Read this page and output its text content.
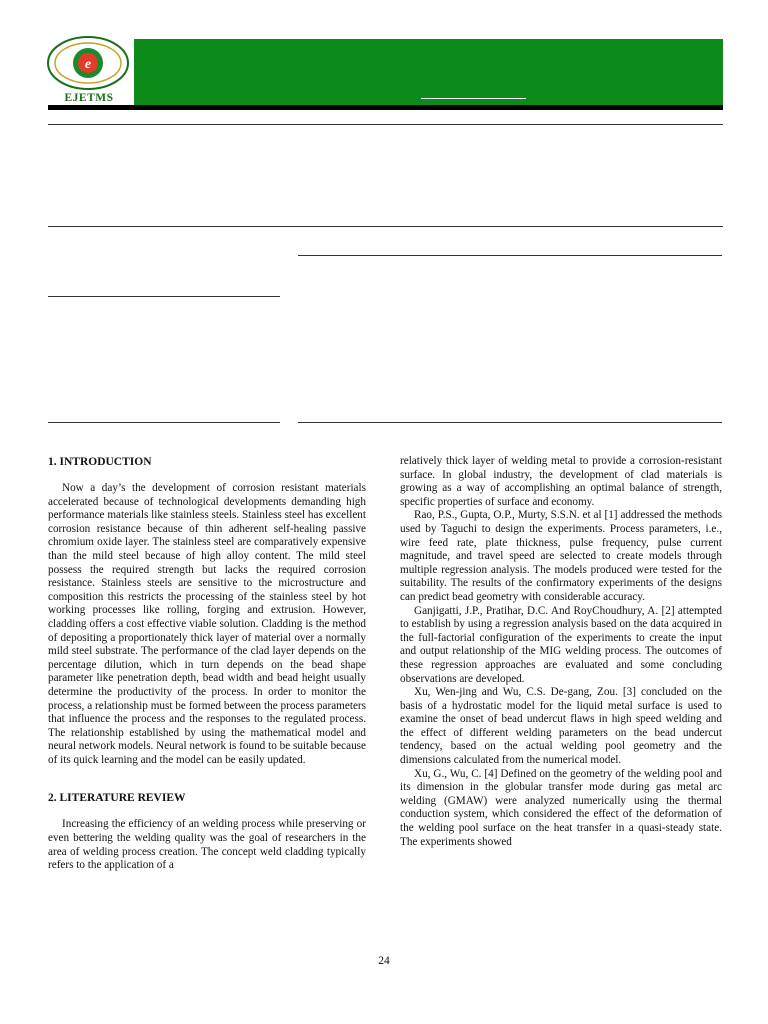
e
EJETMS
1. INTRODUCTION

Now a day’s the development of corrosion resistant materials accelerated because of technological developments demanding high performance materials like stainless steels. Stainless steel has excellent corrosion resistance because of thin adherent self-healing passive chromium oxide layer. The stainless steel are comparatively expensive than the mild steel because of high alloy content. The mild steel possess the required strength but lacks the required corrosion resistance. Stainless steels are sensitive to the microstructure and composition this restricts the processing of the stainless steel by hot working processes like rolling, forging and extrusion. However, cladding offers a cost effective viable solution. Cladding is the method of depositing a proportionately thick layer of material over a normally mild steel substrate. The performance of the clad layer depends on the percentage dilution, which in turn depends on the bead shape parameter like penetration depth, bead width and bead height usually determine the productivity of the process. In order to monitor the process, a relationship must be formed between the process parameters that influence the process and the responses to the regulated process. The relationship established by using the mathematical model and neural network models. Neural network is found to be suitable because of its quick learning and the model can be easily updated.

2. LITERATURE REVIEW

Increasing the efficiency of an welding process while preserving or even bettering the welding quality was the goal of researchers in the area of welding process creation. The concept weld cladding typically refers to the application of a

relatively thick layer of welding metal to provide a corrosion-resistant surface. In global industry, the development of clad materials is growing as a way of accomplishing an optimal balance of strength, specific properties of surface and economy.

Rao, P.S., Gupta, O.P., Murty, S.S.N. et al [1] addressed the methods used by Taguchi to design the experiments. Process parameters, i.e., wire feed rate, plate thickness, pulse frequency, pulse current magnitude, and travel speed are selected to create models through multiple regression analysis. The models produced were tested for the suitability. The results of the confirmatory experiments of the designs can predict bead geometry with considerable accuracy.

Ganjigatti, J.P., Pratihar, D.C. And RoyChoudhury, A. [2] attempted to establish by using a regression analysis based on the data acquired in the full-factorial configuration of the experiments to create the input and output relationship of the MIG welding process. The outcomes of these regression approaches are evaluated and some concluding observations are developed.

Xu, Wen-jing and Wu, C.S. De-gang, Zou. [3] concluded on the basis of a hydrostatic model for the liquid metal surface is used to examine the onset of bead undercut flaws in high speed welding and the effect of different welding parameters on the bead undercut tendency, based on the actual welding pool geometry and the dimensions calculated from the numerical model.

Xu, G., Wu, C. [4] Defined on the geometry of the welding pool and its dimension in the globular transfer mode during gas metal arc welding (GMAW) were analyzed numerically using the thermal conduction system, which considered the effect of the deformation of the welding pool surface on the heat transfer in a quasi-steady state. The experiments showed

24
